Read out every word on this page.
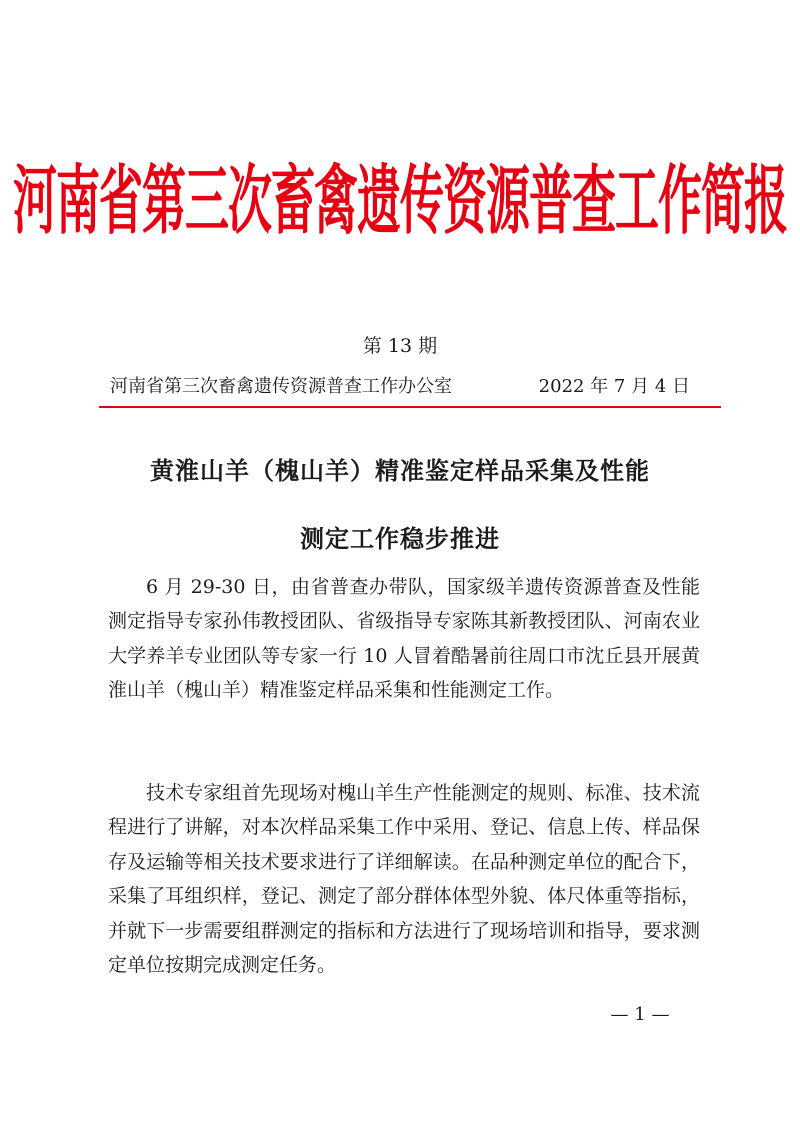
河南省第三次畜禽遗传资源普查工作简报
第 13 期
河南省第三次畜禽遗传资源普查工作办公室	2022 年 7 月 4 日
黄淮山羊（槐山羊）精准鉴定样品采集及性能
测定工作稳步推进

6 月 29-30 日，由省普查办带队，国家级羊遗传资源普查及性能测定指导专家孙伟教授团队、省级指导专家陈其新教授团队、河南农业大学养羊专业团队等专家一行 10 人冒着酷暑前往周口市沈丘县开展黄淮山羊（槐山羊）精准鉴定样品采集和性能测定工作。

技术专家组首先现场对槐山羊生产性能测定的规则、标准、技术流程进行了讲解，对本次样品采集工作中采用、登记、信息上传、样品保存及运输等相关技术要求进行了详细解读。在品种测定单位的配合下，采集了耳组织样，登记、测定了部分群体体型外貌、体尺体重等指标，并就下一步需要组群测定的指标和方法进行了现场培训和指导，要求测定单位按期完成测定任务。

— 1 —
